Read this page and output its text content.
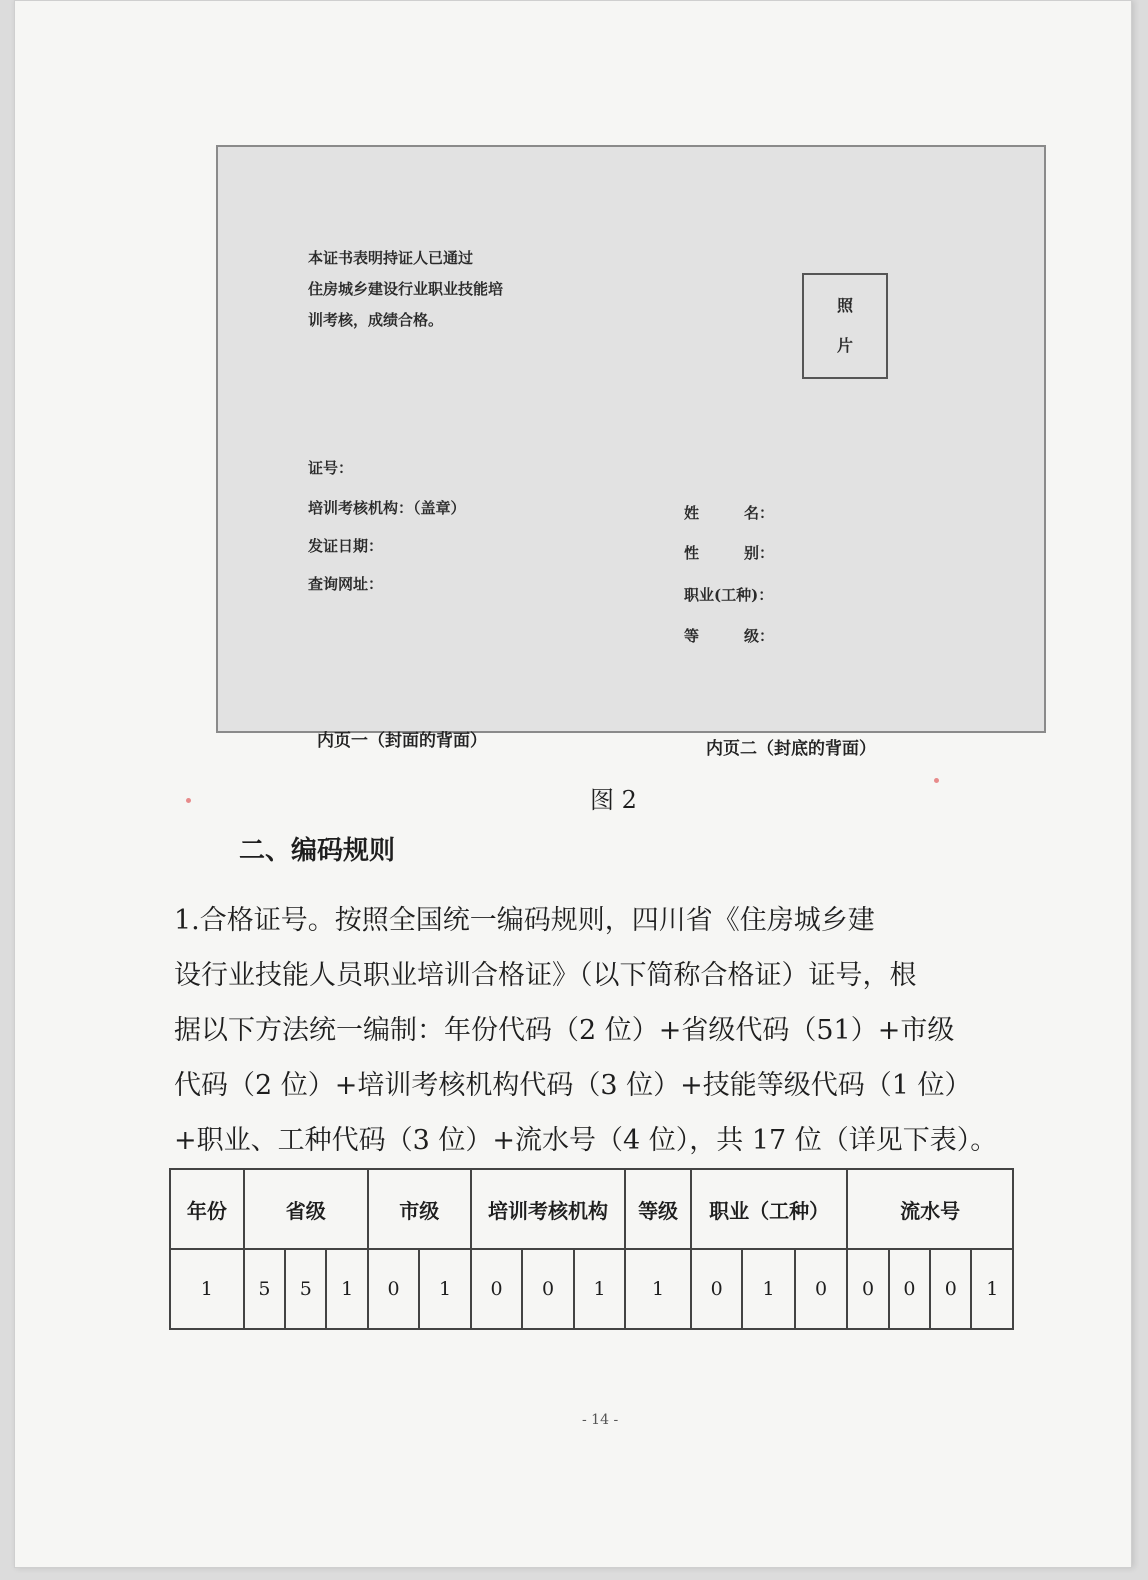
本证书表明持证人已通过
住房城乡建设行业职业技能培
训考核，成绩合格。
照
片
证号：
培训考核机构：（盖章）
发证日期：
查询网址：
姓　　　名：
性　　　别：
职业(工种)：
等　　　级：
内页一（封面的背面）	内页二（封底的背面）
图 2
二、编码规则
1.合格证号。按照全国统一编码规则，四川省《住房城乡建
设行业技能人员职业培训合格证》（以下简称合格证）证号，根
据以下方法统一编制：年份代码（2 位）+省级代码（51）+市级
代码（2 位）+培训考核机构代码（3 位）+技能等级代码（1 位）
+职业、工种代码（3 位）+流水号（4 位），共 17 位（详见下表）。
年份	省级			市级		培训考核机构			等级	职业（工种）			流水号			
1	5	5	1	0	1	0	0	1	1	0	1	0	0	0	0	1
- 14 -
